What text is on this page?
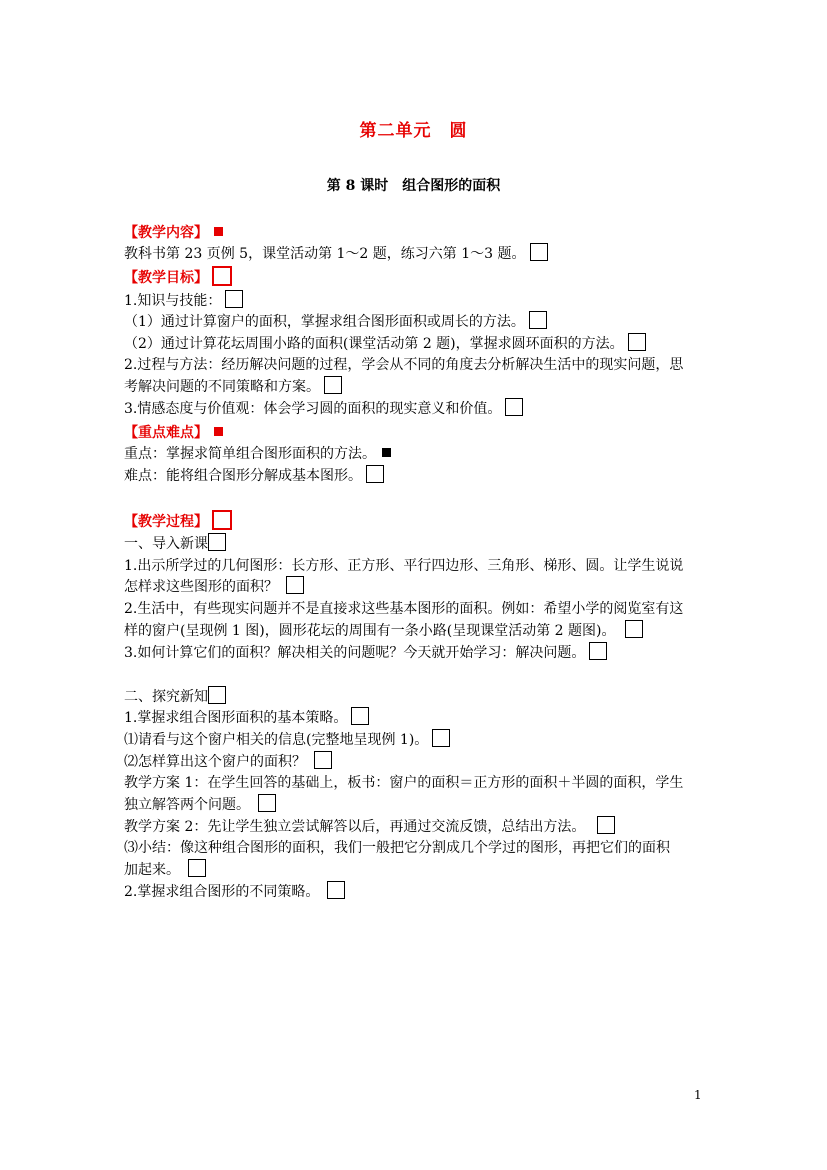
第二单元　圆
第 8 课时　组合图形的面积
【教学内容】
教科书第 23 页例 5，课堂活动第 1～2 题，练习六第 1～3 题。
【教学目标】
1.知识与技能：
（1）通过计算窗户的面积，掌握求组合图形面积或周长的方法。
（2）通过计算花坛周围小路的面积(课堂活动第 2 题)，掌握求圆环面积的方法。
2.过程与方法：经历解决问题的过程，学会从不同的角度去分析解决生活中的现实问题，思
考解决问题的不同策略和方案。
3.情感态度与价值观：体会学习圆的面积的现实意义和价值。
【重点难点】
重点：掌握求简单组合图形面积的方法。
难点：能将组合图形分解成基本图形。
【教学过程】
一、导入新课
1.出示所学过的几何图形：长方形、正方形、平行四边形、三角形、梯形、圆。让学生说说
怎样求这些图形的面积？
2.生活中，有些现实问题并不是直接求这些基本图形的面积。例如：希望小学的阅览室有这
样的窗户(呈现例 1 图)，圆形花坛的周围有一条小路(呈现课堂活动第 2 题图)。
3.如何计算它们的面积？解决相关的问题呢？今天就开始学习：解决问题。
二、探究新知
1.掌握求组合图形面积的基本策略。
⑴请看与这个窗户相关的信息(完整地呈现例 1)。
⑵怎样算出这个窗户的面积？
教学方案 1：在学生回答的基础上，板书：窗户的面积＝正方形的面积＋半圆的面积，学生
独立解答两个问题。
教学方案 2：先让学生独立尝试解答以后，再通过交流反馈，总结出方法。
⑶小结：像这种组合图形的面积，我们一般把它分割成几个学过的图形，再把它们的面积
加起来。
2.掌握求组合图形的不同策略。
1
